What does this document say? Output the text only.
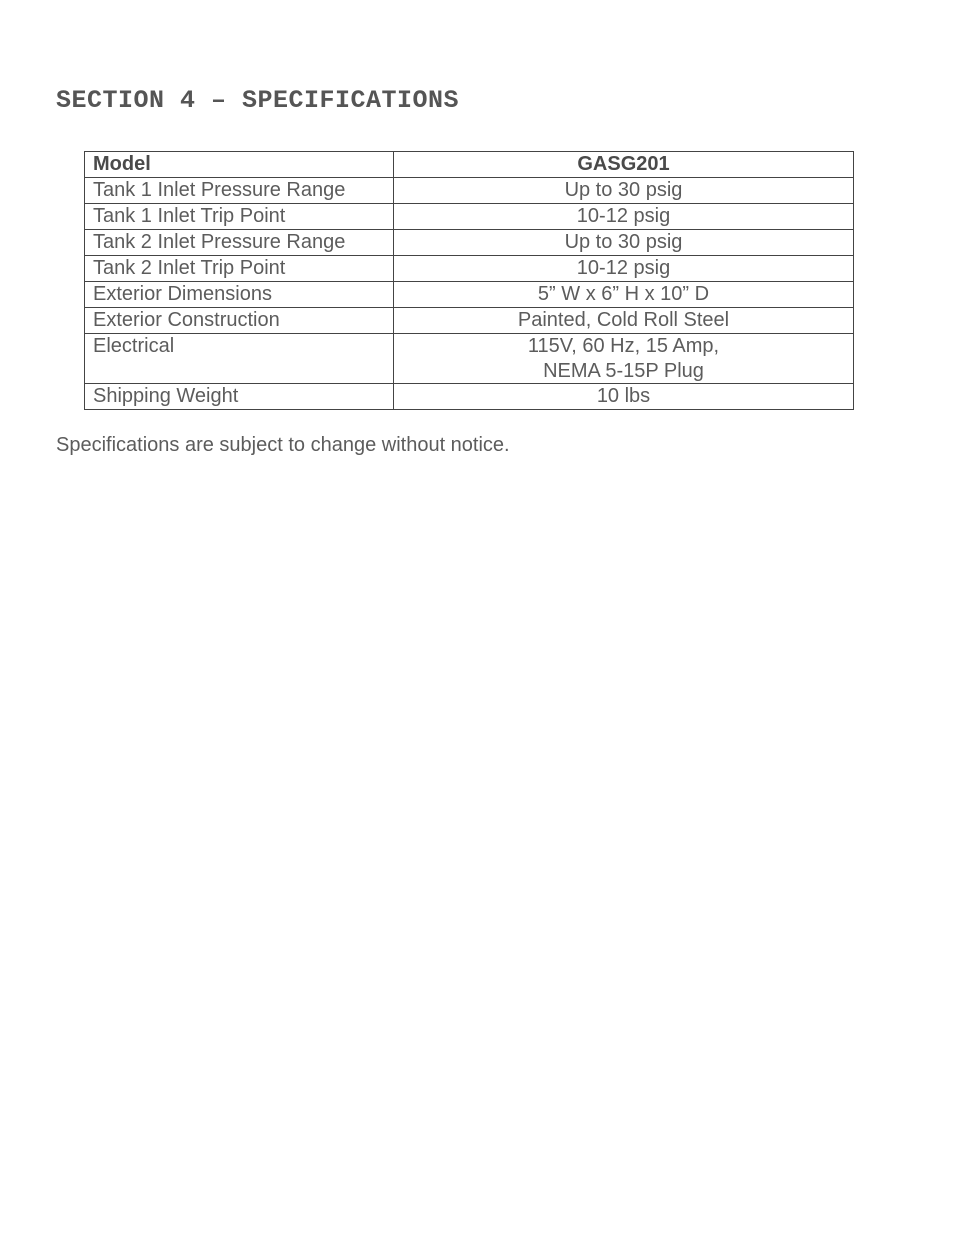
SECTION 4 – SPECIFICATIONS
Model	GASG201
Tank 1 Inlet Pressure Range	Up to 30 psig
Tank 1 Inlet Trip Point	10-12 psig
Tank 2 Inlet Pressure Range	Up to 30 psig
Tank 2 Inlet Trip Point	10-12 psig
Exterior Dimensions	5” W x 6” H x 10” D
Exterior Construction	Painted, Cold Roll Steel
Electrical	115V, 60 Hz, 15 Amp,
NEMA 5-15P Plug

Shipping Weight	10 lbs

Specifications are subject to change without notice.
